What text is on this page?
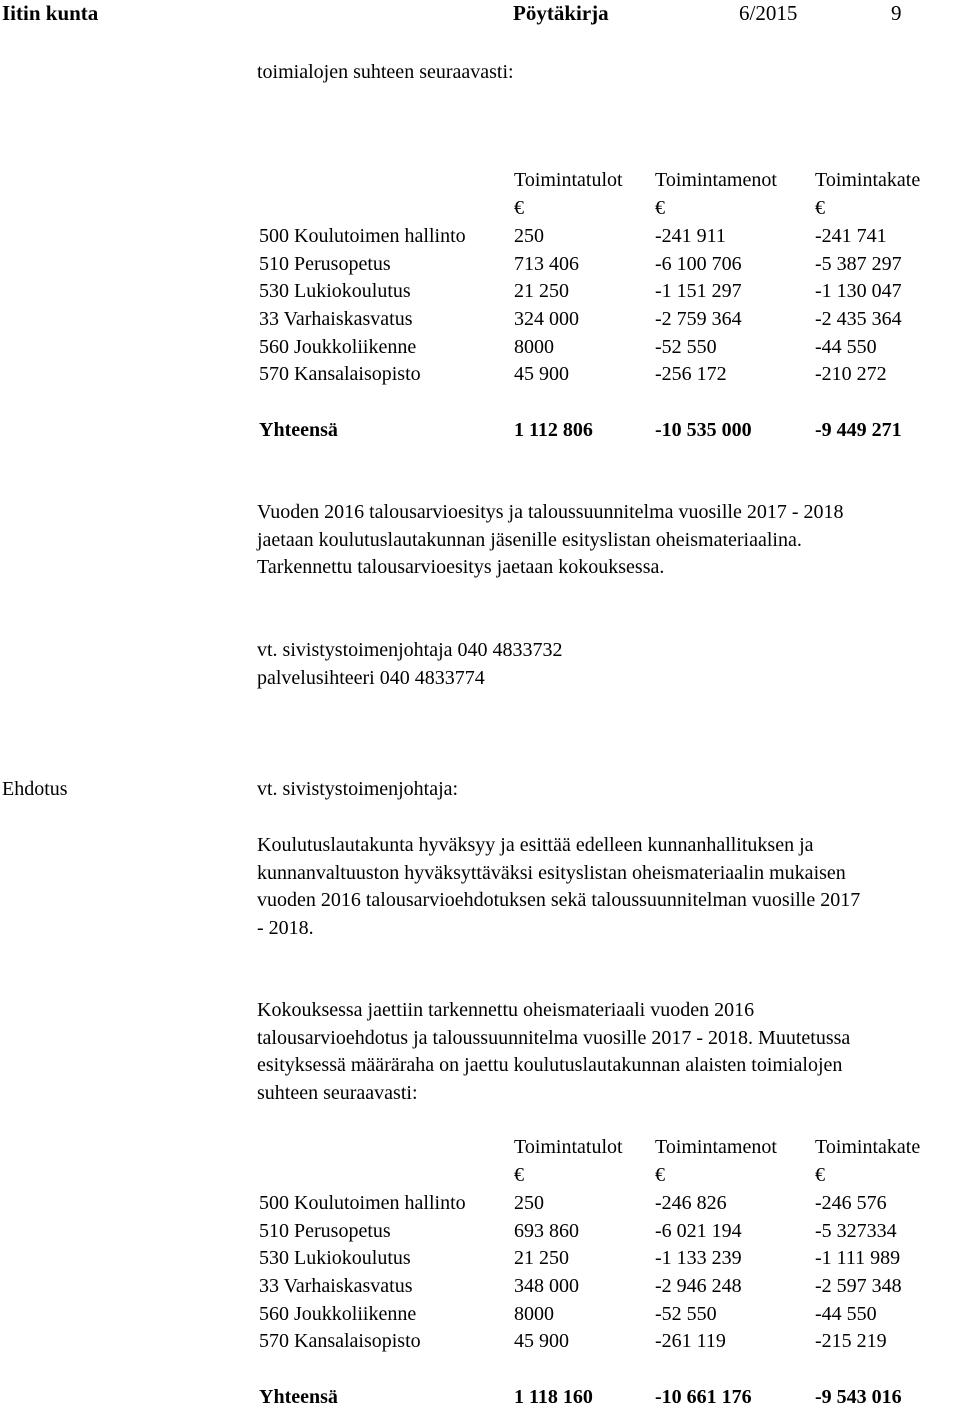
Iitin kunta	Pöytäkirja	6/2015	9
toimialojen suhteen seuraavasti:
Toimintatulot Toimintamenot Toimintakate
€	€	€
500 Koulutoimen hallinto 250	-241 911	-241 741
510 Perusopetus	713 406	-6 100 706	-5 387 297
530 Lukiokoulutus	21 250	-1 151 297	-1 130 047
33 Varhaiskasvatus	324 000	-2 759 364	-2 435 364
560 Joukkoliikenne	8000	-52 550	-44 550
570 Kansalaisopisto	45 900	-256 172	-210 272
Yhteensä	1 112 806	-10 535 000	-9 449 271
Vuoden 2016 talousarvioesitys ja taloussuunnitelma vuosille 2017 - 2018
jaetaan koulutuslautakunnan jäsenille esityslistan oheismateriaalina.
Tarkennettu talousarvioesitys jaetaan kokouksessa.
vt. sivistystoimenjohtaja 040 4833732
palvelusihteeri 040 4833774
Ehdotus	vt. sivistystoimenjohtaja:
Koulutuslautakunta hyväksyy ja esittää edelleen kunnanhallituksen ja
kunnanvaltuuston hyväksyttäväksi esityslistan oheismateriaalin mukaisen
vuoden 2016 talousarvioehdotuksen sekä taloussuunnitelman vuosille 2017
- 2018.
Kokouksessa jaettiin tarkennettu oheismateriaali vuoden 2016
talousarvioehdotus ja taloussuunnitelma vuosille 2017 - 2018. Muutetussa
esityksessä määräraha on jaettu koulutuslautakunnan alaisten toimialojen
suhteen seuraavasti:
Toimintatulot Toimintamenot Toimintakate
€	€	€
500 Koulutoimen hallinto 250	-246 826	-246 576
510 Perusopetus	693 860	-6 021 194	-5 327334
530 Lukiokoulutus	21 250	-1 133 239	-1 111 989
33 Varhaiskasvatus	348 000	-2 946 248	-2 597 348
560 Joukkoliikenne	8000	-52 550	-44 550
570 Kansalaisopisto	45 900	-261 119	-215 219
Yhteensä	1 118 160	-10 661 176	-9 543 016
